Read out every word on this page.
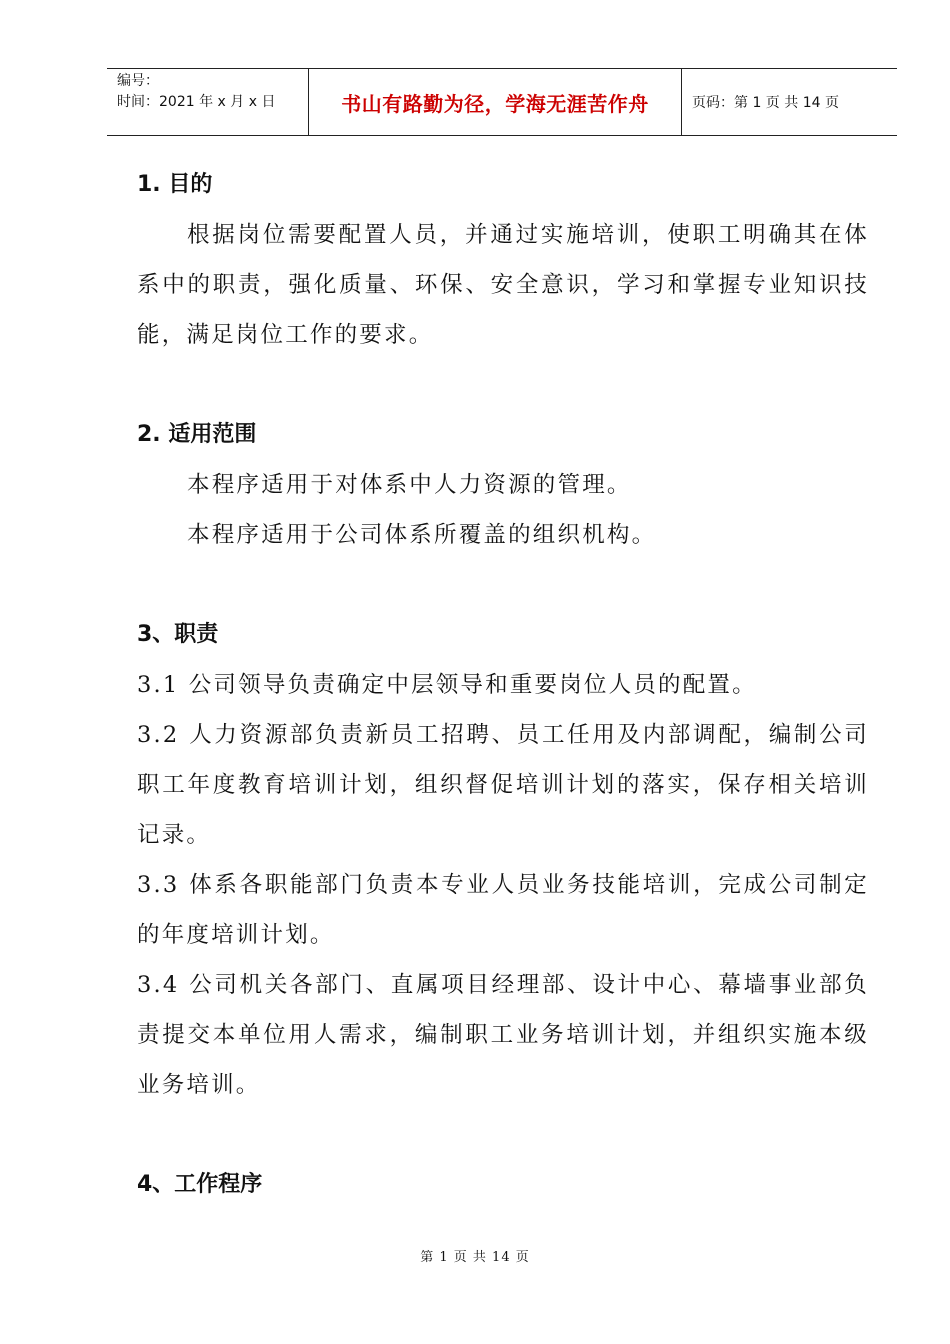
编号：
时间：2021 年 x 月 x 日	书山有路勤为径，学海无涯苦作舟	页码：第 1 页 共 14 页
1. 目的

根据岗位需要配置人员，并通过实施培训，使职工明确其在体系中的职责，强化质量、环保、安全意识，学习和掌握专业知识技能，满足岗位工作的要求。

2. 适用范围

本程序适用于对体系中人力资源的管理。

本程序适用于公司体系所覆盖的组织机构。

3、职责

3.1 公司领导负责确定中层领导和重要岗位人员的配置。

3.2 人力资源部负责新员工招聘、员工任用及内部调配，编制公司职工年度教育培训计划，组织督促培训计划的落实，保存相关培训记录。

3.3 体系各职能部门负责本专业人员业务技能培训，完成公司制定的年度培训计划。

3.4 公司机关各部门、直属项目经理部、设计中心、幕墙事业部负责提交本单位用人需求，编制职工业务培训计划，并组织实施本级业务培训。

4、工作程序
第 1 页 共 14 页
